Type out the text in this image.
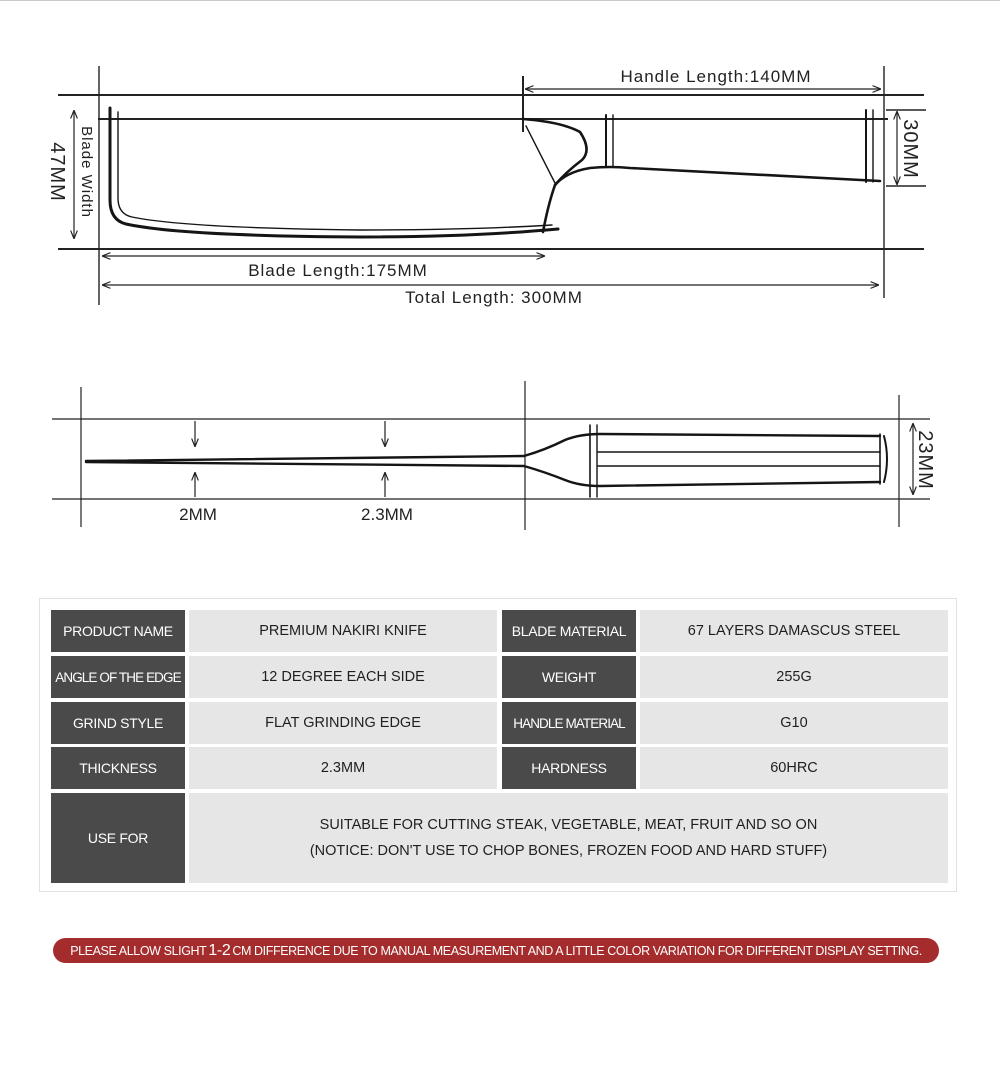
Handle Length:140MM
30MM
47MM Blade Width
Blade Length:175MM
Total Length: 300MM
2MM	2.3MM
23MM
PRODUCT NAME	PREMIUM NAKIRI KNIFE	BLADE MATERIAL	67 LAYERS DAMASCUS STEEL
ANGLE OF THE EDGE	12 DEGREE EACH SIDE	WEIGHT	255G
GRIND STYLE	FLAT GRINDING EDGE	HANDLE MATERIAL	G10
THICKNESS	2.3MM	HARDNESS	60HRC
USE FOR
SUITABLE FOR CUTTING STEAK, VEGETABLE, MEAT, FRUIT AND SO ON
(NOTICE: DON'T USE TO CHOP BONES, FROZEN FOOD AND HARD STUFF)
PLEASE ALLOW SLIGHT 1-2 CM DIFFERENCE DUE TO MANUAL MEASUREMENT AND A LITTLE COLOR VARIATION FOR DIFFERENT DISPLAY SETTING.
